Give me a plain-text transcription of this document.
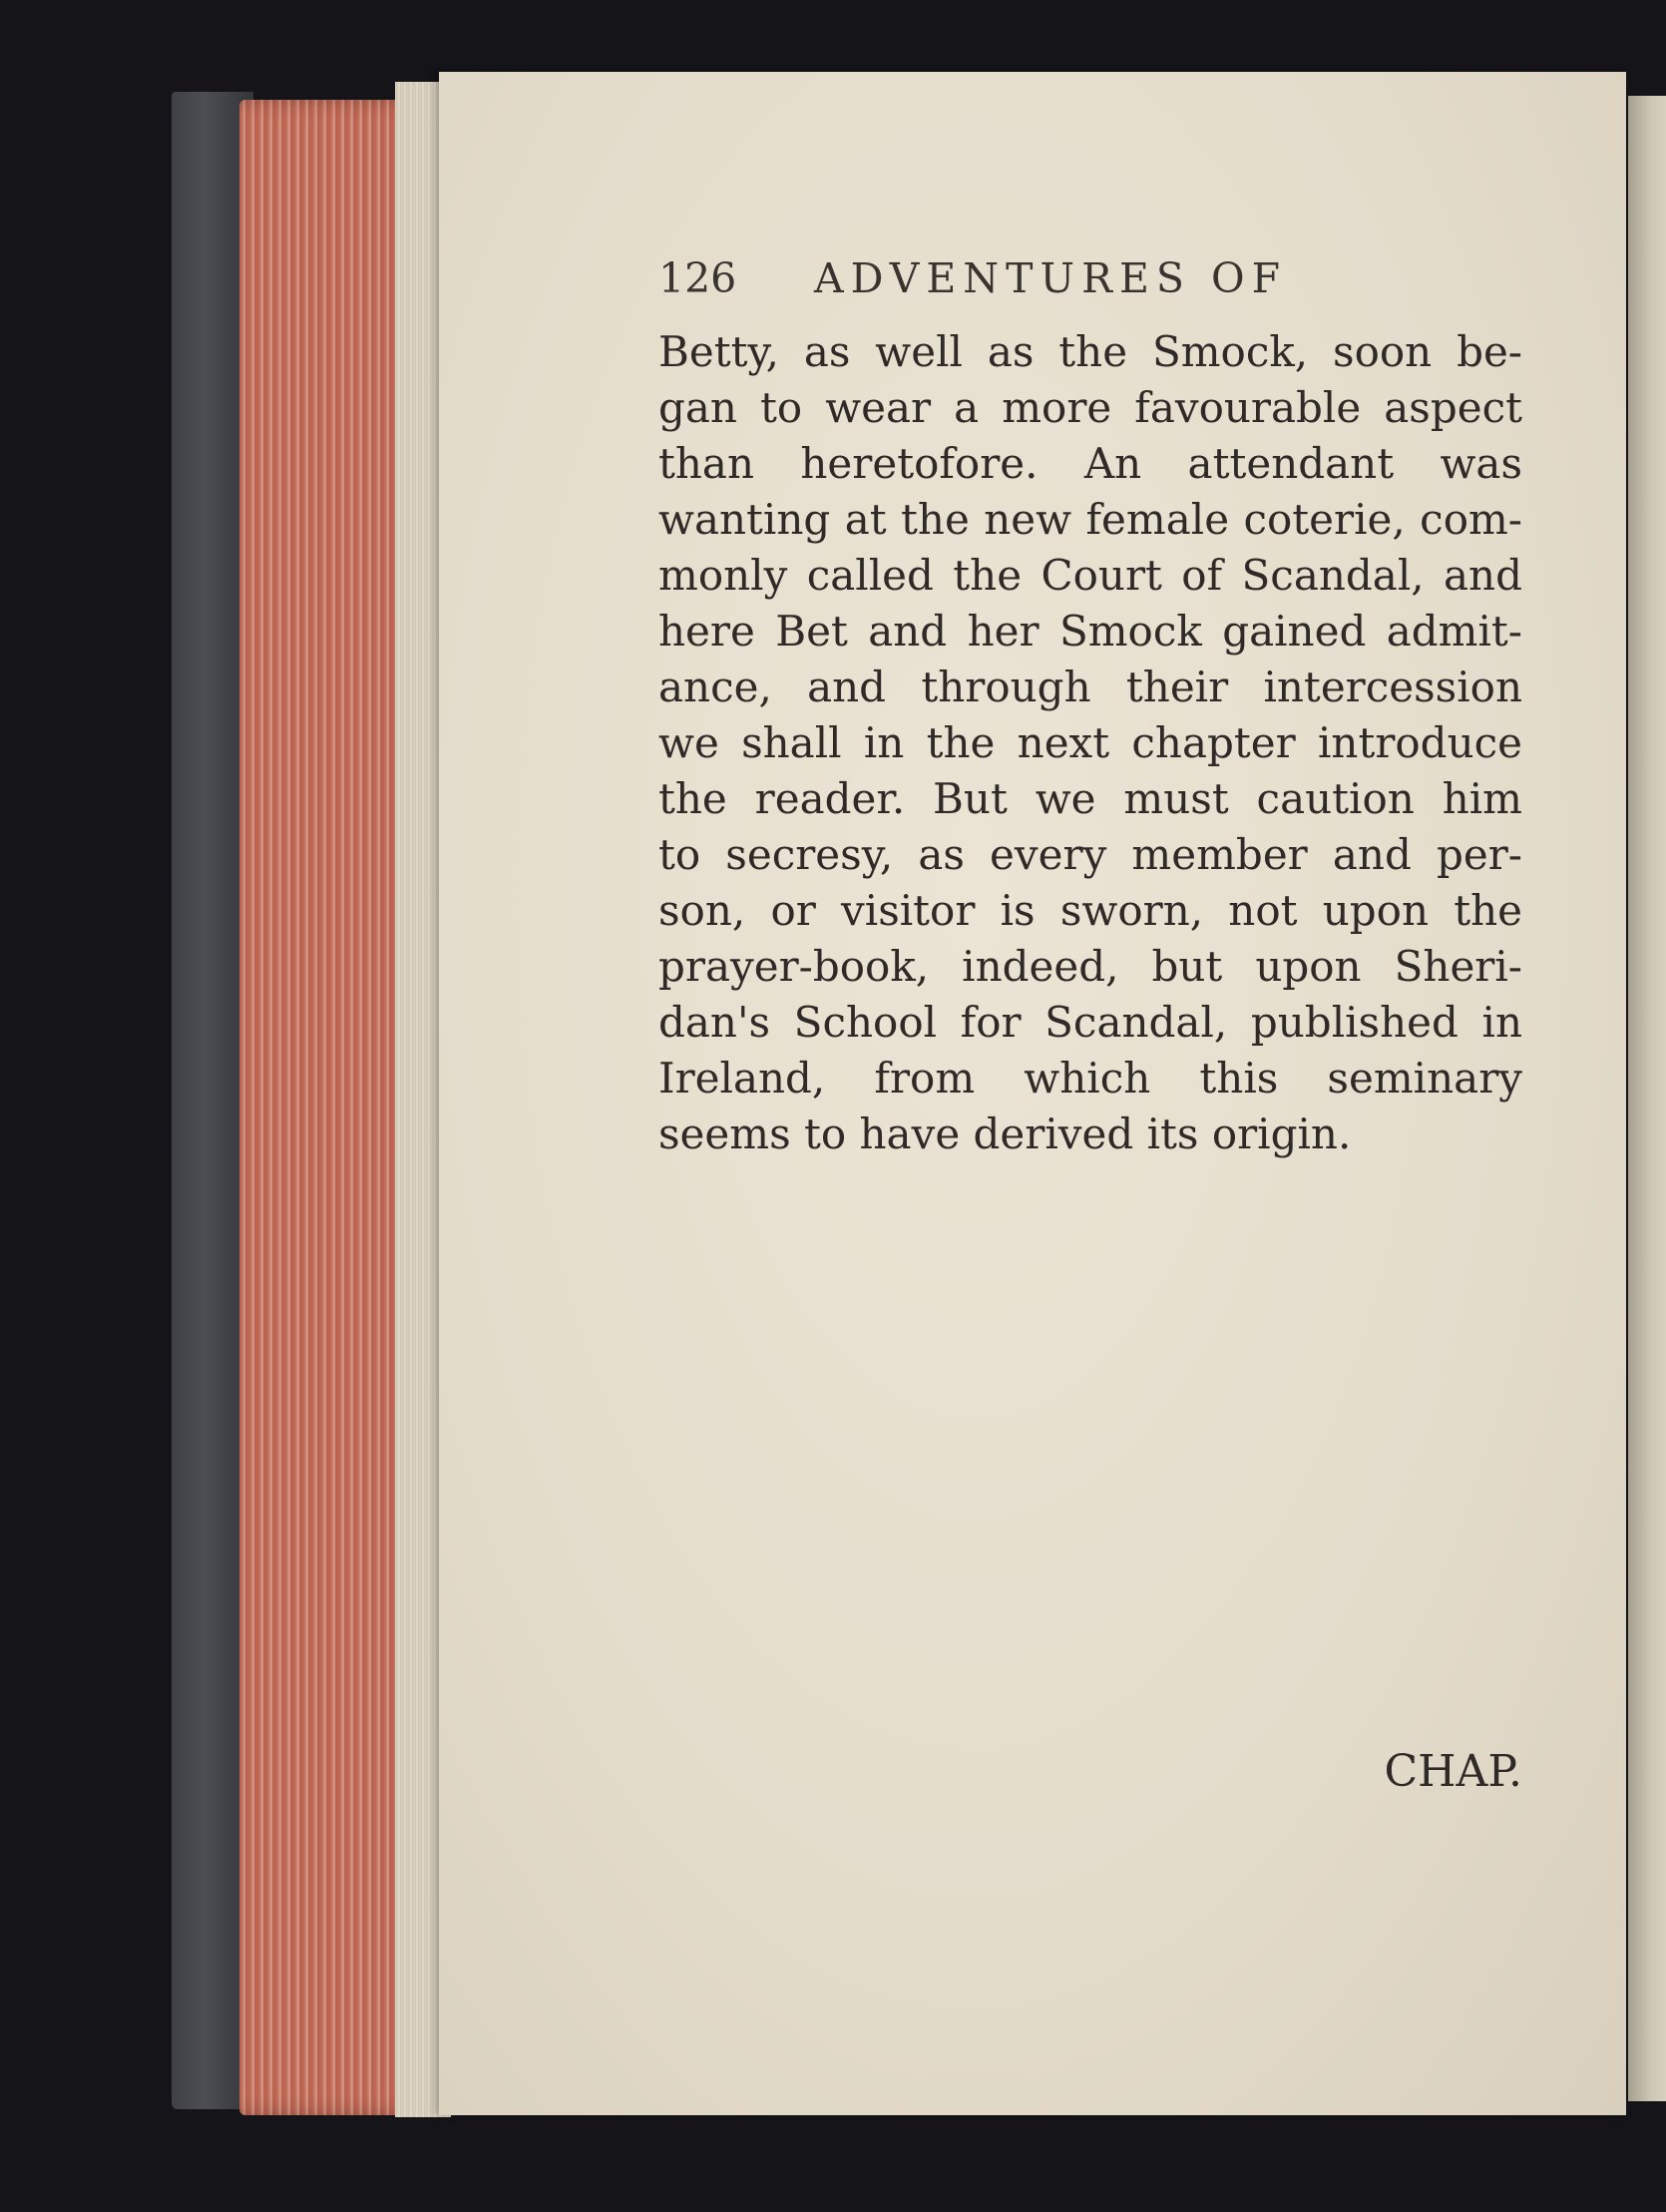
126 ADVENTURES OF
Betty, as well as the Smock, soon be-
gan to wear a more favourable aspect
than heretofore. An attendant was
wanting at the new female coterie, com-
monly called the Court of Scandal, and
here Bet and her Smock gained admit-
ance, and through their intercession
we shall in the next chapter introduce
the reader. But we must caution him
to secresy, as every member and per-
son, or visitor is sworn, not upon the
prayer-book, indeed, but upon Sheri-
dan's School for Scandal, published in
Ireland, from which this seminary
seems to have derived its origin.
CHAP.
